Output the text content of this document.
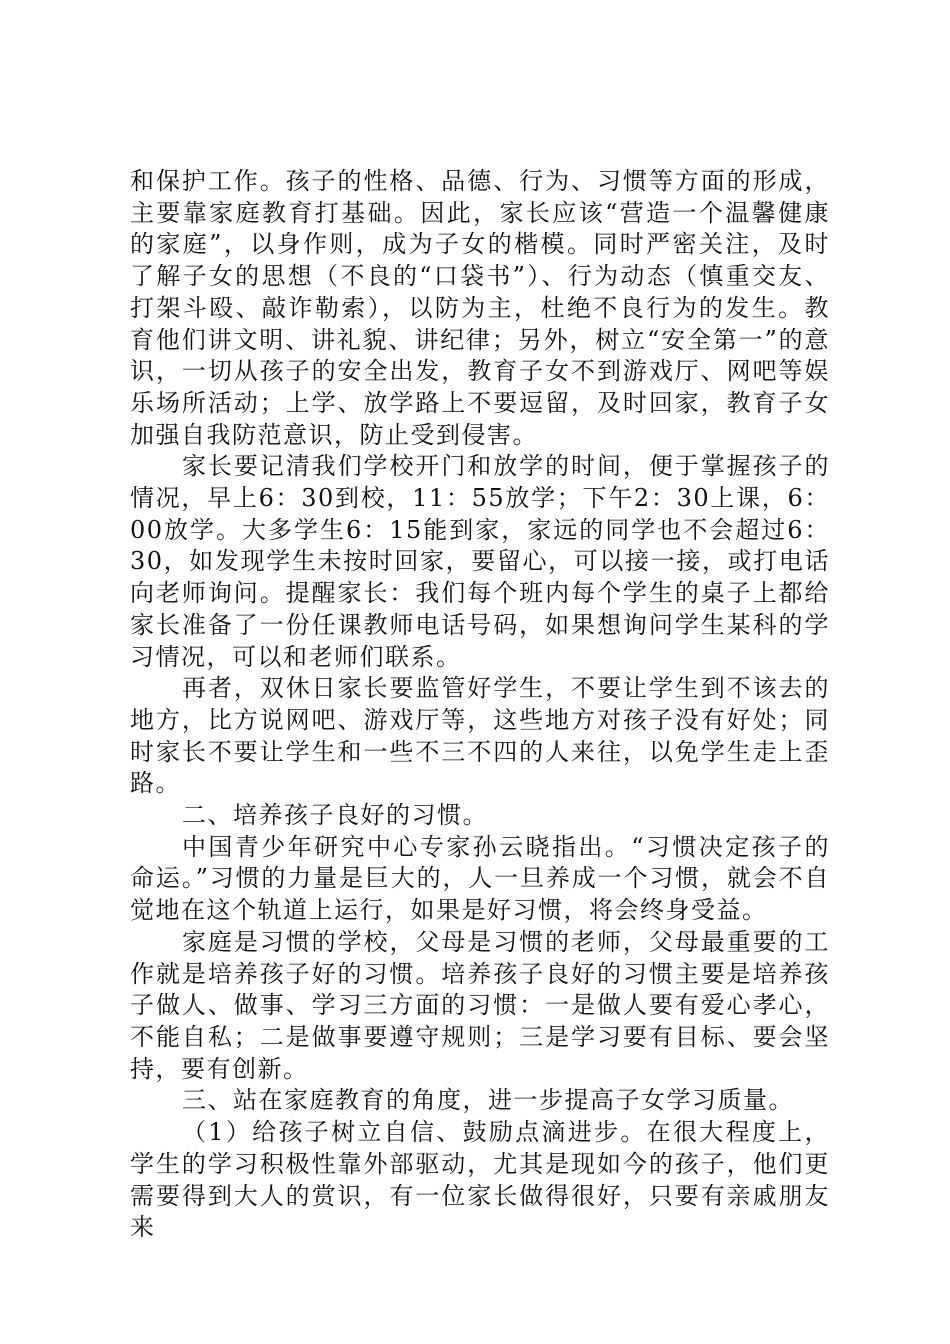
和保护工作。孩子的性格、品德、行为、习惯等方面的形成，主要靠家庭教育打基础。因此，家长应该“营造一个温馨健康的家庭”，以身作则，成为子女的楷模。同时严密关注，及时了解子女的思想（不良的“口袋书”）、行为动态（慎重交友、打架斗殴、敲诈勒索），以防为主，杜绝不良行为的发生。教育他们讲文明、讲礼貌、讲纪律；另外，树立“安全第一”的意识，一切从孩子的安全出发，教育子女不到游戏厅、网吧等娱乐场所活动；上学、放学路上不要逗留，及时回家，教育子女加强自我防范意识，防止受到侵害。

家长要记清我们学校开门和放学的时间，便于掌握孩子的情况，早上6：30到校，11：55放学；下午2：30上课，6：00放学。大多学生6：15能到家，家远的同学也不会超过6：30，如发现学生未按时回家，要留心，可以接一接，或打电话向老师询问。提醒家长：我们每个班内每个学生的桌子上都给家长准备了一份任课教师电话号码，如果想询问学生某科的学习情况，可以和老师们联系。

再者，双休日家长要监管好学生，不要让学生到不该去的地方，比方说网吧、游戏厅等，这些地方对孩子没有好处；同时家长不要让学生和一些不三不四的人来往，以免学生走上歪路。

二、培养孩子良好的习惯。

中国青少年研究中心专家孙云晓指出。“习惯决定孩子的命运。”习惯的力量是巨大的，人一旦养成一个习惯，就会不自觉地在这个轨道上运行，如果是好习惯，将会终身受益。

家庭是习惯的学校，父母是习惯的老师，父母最重要的工作就是培养孩子好的习惯。培养孩子良好的习惯主要是培养孩子做人、做事、学习三方面的习惯：一是做人要有爱心孝心，不能自私；二是做事要遵守规则；三是学习要有目标、要会坚持，要有创新。

三、站在家庭教育的角度，进一步提高子女学习质量。

（1）给孩子树立自信、鼓励点滴进步。在很大程度上，学生的学习积极性靠外部驱动，尤其是现如今的孩子，他们更需要得到大人的赏识，有一位家长做得很好，只要有亲戚朋友来
